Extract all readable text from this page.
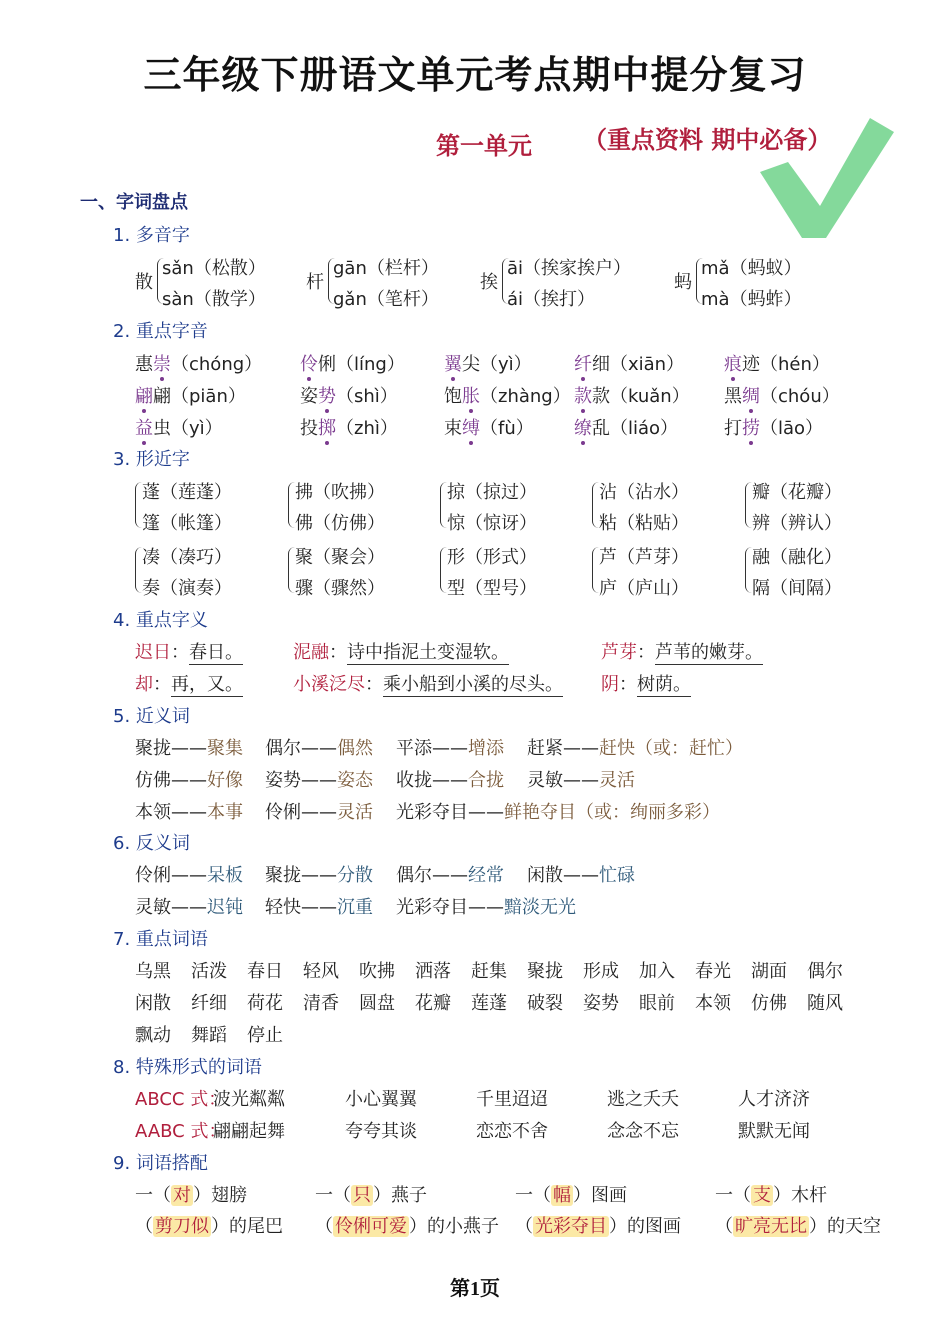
三年级下册语文单元考点期中提分复习
第一单元 （重点资料 期中必备）
一、字词盘点
1. 多音字
散
sǎn（松散）
sàn（散学）
杆
gān（栏杆）
gǎn（笔杆）
挨
āi（挨家挨户）
ái（挨打）
蚂
mǎ（蚂蚁）
mà（蚂蚱）
2. 重点字音
惠崇（chóng） 伶俐（líng） 翼尖（yì） 纤细（xiān） 痕迹（hén）
翩翩（piān）	姿势（shì）	饱胀（zhàng） 款款（kuǎn） 黑绸（chóu）
益虫（yì）	投掷（zhì）	束缚（fù） 缭乱（liáo）	打捞（lāo）
3. 形近字
蓬（莲蓬）
篷（帐篷）
拂（吹拂）
佛（仿佛）
掠（掠过）
惊（惊讶）
沾（沾水）
粘（粘贴）
瓣（花瓣）
辨（辨认）
凑（凑巧）
奏（演奏）
聚（聚会）
骤（骤然）
形（形式）
型（型号）
芦（芦芽）
庐（庐山）
融（融化）
隔（间隔）
4. 重点字义
迟日：春日。	泥融：诗中指泥土变湿软。	芦芽：芦苇的嫩芽。
却：再，又。	小溪泛尽：乘小船到小溪的尽头。 阴：树荫。
5. 近义词
聚拢——聚集 偶尔——偶然 平添——增添 赶紧——赶快（或：赶忙）
仿佛——好像 姿势——姿态 收拢——合拢 灵敏——灵活
本领——本事 伶俐——灵活 光彩夺目——鲜艳夺目（或：绚丽多彩）
6. 反义词
伶俐——呆板 聚拢——分散 偶尔——经常 闲散——忙碌
灵敏——迟钝 轻快——沉重 光彩夺目——黯淡无光
7. 重点词语
乌黑 活泼 春日 轻风 吹拂 洒落 赶集 聚拢 形成 加入 春光 湖面 偶尔
闲散 纤细 荷花 清香 圆盘 花瓣 莲蓬 破裂 姿势 眼前 本领 仿佛 随风
飘动 舞蹈 停止
8. 特殊形式的词语
ABCC 式：
波光粼粼	小心翼翼	千里迢迢	逃之夭夭	人才济济
AABC 式：
翩翩起舞	夸夸其谈	恋恋不舍	念念不忘	默默无闻
9. 词语搭配
一（ 对 ）翅膀	一（ 只 ）燕子	一（ 幅 ）图画	一（ 支 ）木杆
（ 剪刀似 ）的尾巴 （ 伶俐可爱 ）的小燕子 （ 光彩夺目 ）的图画 （ 旷亮无比 ）的天空
第1页
